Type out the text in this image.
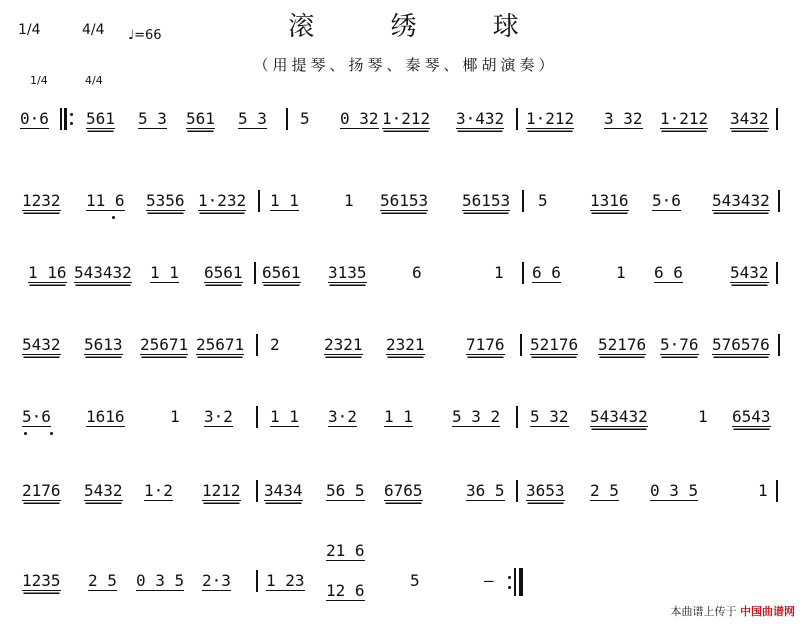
滚 绣 球
（用提琴、扬琴、秦琴、椰胡演奏）
1/4	4/4 ♩=66
1/4	4/4
0·6 561 5 3 561 5 3 5 0 32 1·212 3·432 1·212 3 32 1·212 3432
1232 11 6 5356 1·232 1 1	1 56153 56153 5	1316 5·6 543432
1 16 543432 1 1 6561 6561 3135	6	1 6 6	1 6 6	5432
5432 5613 25671 25671 2	2321 2321	7176 52176 52176 5·76 576576
5·6 1616	1 3·2 1 1 3·2 1 1 5 3 2 5 32 543432	1 6543
2176 5432 1·2 1212 3434 56 5 6765	36 5 3653 2 5 0 3 5	1
1235 2 5 0 3 5 2·3 1 23
21 6
12 6
5	—
本曲谱上传于 中国曲谱网
